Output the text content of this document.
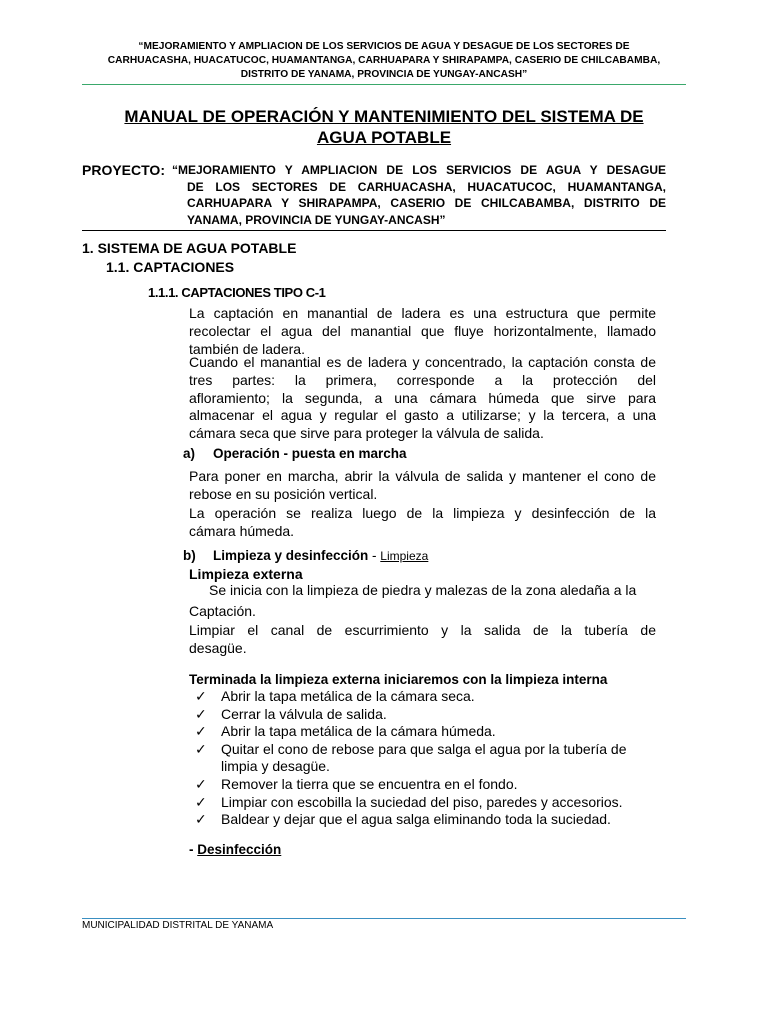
“MEJORAMIENTO Y AMPLIACION DE LOS SERVICIOS DE AGUA Y DESAGUE DE LOS SECTORES DE
CARHUACASHA, HUACATUCOC, HUAMANTANGA, CARHUAPARA Y SHIRAPAMPA, CASERIO DE CHILCABAMBA,
DISTRITO DE YANAMA, PROVINCIA DE YUNGAY-ANCASH”
MANUAL DE OPERACIÓN Y MANTENIMIENTO DEL SISTEMA DE
AGUA POTABLE
PROYECTO: “MEJORAMIENTO Y AMPLIACION DE LOS SERVICIOS DE AGUA Y DESAGUE
DE LOS SECTORES DE CARHUACASHA, HUACATUCOC, HUAMANTANGA,
CARHUAPARA Y SHIRAPAMPA, CASERIO DE CHILCABAMBA, DISTRITO DE
YANAMA, PROVINCIA DE YUNGAY-ANCASH”
1. SISTEMA DE AGUA POTABLE
1.1. CAPTACIONES
1.1.1. CAPTACIONES TIPO C-1
La captación en manantial de ladera es una estructura que permite
recolectar el agua del manantial que fluye horizontalmente, llamado
también de ladera.
Cuando el manantial es de ladera y concentrado, la captación consta de
tres partes: la primera, corresponde a la protección del
afloramiento; la segunda, a una cámara húmeda que sirve para
almacenar el agua y regular el gasto a utilizarse; y la tercera, a una
cámara seca que sirve para proteger la válvula de salida.
a) Operación - puesta en marcha
Para poner en marcha, abrir la válvula de salida y mantener el cono de
rebose en su posición vertical.
La operación se realiza luego de la limpieza y desinfección de la
cámara húmeda.
b) Limpieza y desinfección - Limpieza
Limpieza externa
Se inicia con la limpieza de piedra y malezas de la zona aledaña a la
Captación.
Limpiar el canal de escurrimiento y la salida de la tubería de
desagüe.
Terminada la limpieza externa iniciaremos con la limpieza interna
✓ Abrir la tapa metálica de la cámara seca.
✓ Cerrar la válvula de salida.
✓ Abrir la tapa metálica de la cámara húmeda.
✓ Quitar el cono de rebose para que salga el agua por la tubería de limpia y desagüe.
✓ Remover la tierra que se encuentra en el fondo.
✓ Limpiar con escobilla la suciedad del piso, paredes y accesorios.
✓ Baldear y dejar que el agua salga eliminando toda la suciedad.
- Desinfección
MUNICIPALIDAD DISTRITAL DE YANAMA
